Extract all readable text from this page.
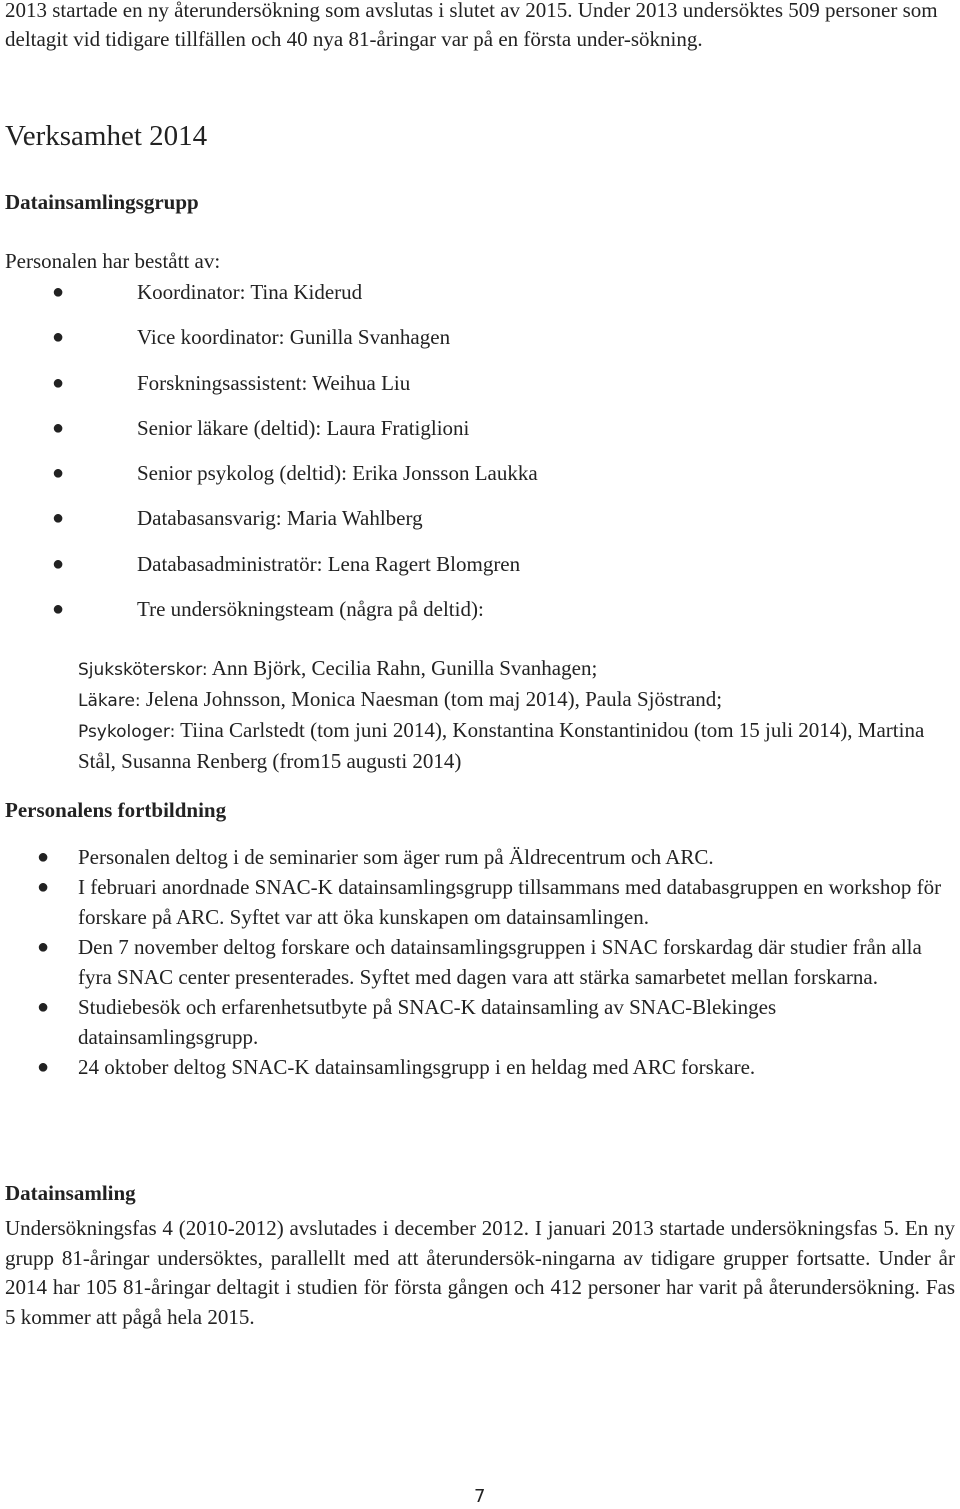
2013 startade en ny återundersökning som avslutas i slutet av 2015. Under 2013 undersöktes 509 personer som deltagit vid tidigare tillfällen och 40 nya 81-åringar var på en första under-sökning.

Verksamhet 2014
Datainsamlingsgrupp

Personalen har bestått av:

●	Koordinator: Tina Kiderud
●	Vice koordinator: Gunilla Svanhagen
●	Forskningsassistent: Weihua Liu
●	Senior läkare (deltid): Laura Fratiglioni
●	Senior psykolog (deltid): Erika Jonsson Laukka
●	Databasansvarig: Maria Wahlberg
●	Databasadministratör: Lena Ragert Blomgren
●	Tre undersökningsteam (några på deltid):

Sjuksköterskor: Ann Björk, Cecilia Rahn, Gunilla Svanhagen;
Läkare: Jelena Johnsson, Monica Naesman (tom maj 2014), Paula Sjöstrand;
Psykologer: Tiina Carlstedt (tom juni 2014), Konstantina Konstantinidou (tom 15 juli 2014), Martina Stål, Susanna Renberg (from15 augusti 2014)

Personalens fortbildning
● Personalen deltog i de seminarier som äger rum på Äldrecentrum och ARC.
● I februari anordnade SNAC-K datainsamlingsgrupp tillsammans med databasgruppen en workshop för forskare på ARC. Syftet var att öka kunskapen om datainsamlingen.
● Den 7 november deltog forskare och datainsamlingsgruppen i SNAC forskardag där studier från alla fyra SNAC center presenterades. Syftet med dagen vara att stärka samarbetet mellan forskarna.
● Studiebesök och erfarenhetsutbyte på SNAC-K datainsamling av SNAC-Blekinges datainsamlingsgrupp.
● 24 oktober deltog SNAC-K datainsamlingsgrupp i en heldag med ARC forskare.
Datainsamling

Undersökningsfas 4 (2010-2012) avslutades i december 2012. I januari 2013 startade undersökningsfas 5. En ny grupp 81-åringar undersöktes, parallellt med att återundersök-ningarna av tidigare grupper fortsatte. Under år 2014 har 105 81-åringar deltagit i studien för första gången och 412 personer har varit på återundersökning. Fas 5 kommer att pågå hela 2015.

7
